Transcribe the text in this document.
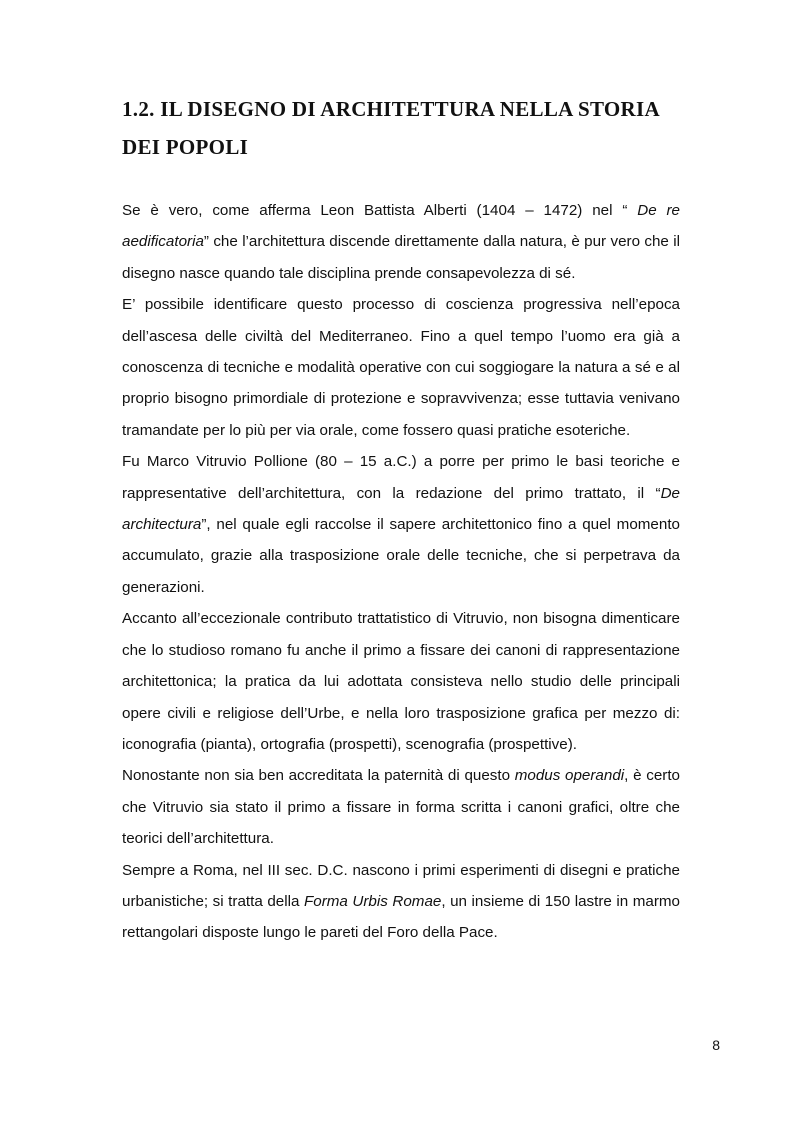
1.2. IL DISEGNO DI ARCHITETTURA NELLA STORIA DEI POPOLI

Se è vero, come afferma Leon Battista Alberti (1404 – 1472) nel “ De re aedificatoria” che l’architettura discende direttamente dalla natura, è pur vero che il disegno nasce quando tale disciplina prende consapevolezza di sé.

E’ possibile identificare questo processo di coscienza progressiva nell’epoca dell’ascesa delle civiltà del Mediterraneo. Fino a quel tempo l’uomo era già a conoscenza di tecniche e modalità operative con cui soggiogare la natura a sé e al proprio bisogno primordiale di protezione e sopravvivenza; esse tuttavia venivano tramandate per lo più per via orale, come fossero quasi pratiche esoteriche.

Fu Marco Vitruvio Pollione (80 – 15 a.C.) a porre per primo le basi teoriche e rappresentative dell’architettura, con la redazione del primo trattato, il “De architectura”, nel quale egli raccolse il sapere architettonico fino a quel momento accumulato, grazie alla trasposizione orale delle tecniche, che si perpetrava da generazioni.

Accanto all’eccezionale contributo trattatistico di Vitruvio, non bisogna dimenticare che lo studioso romano fu anche il primo a fissare dei canoni di rappresentazione architettonica; la pratica da lui adottata consisteva nello studio delle principali opere civili e religiose dell’Urbe, e nella loro trasposizione grafica per mezzo di: iconografia (pianta), ortografia (prospetti), scenografia (prospettive).

Nonostante non sia ben accreditata la paternità di questo modus operandi, è certo che Vitruvio sia stato il primo a fissare in forma scritta i canoni grafici, oltre che teorici dell’architettura.

Sempre a Roma, nel III sec. D.C. nascono i primi esperimenti di disegni e pratiche urbanistiche; si tratta della Forma Urbis Romae, un insieme di 150 lastre in marmo rettangolari disposte lungo le pareti del Foro della Pace.

8
